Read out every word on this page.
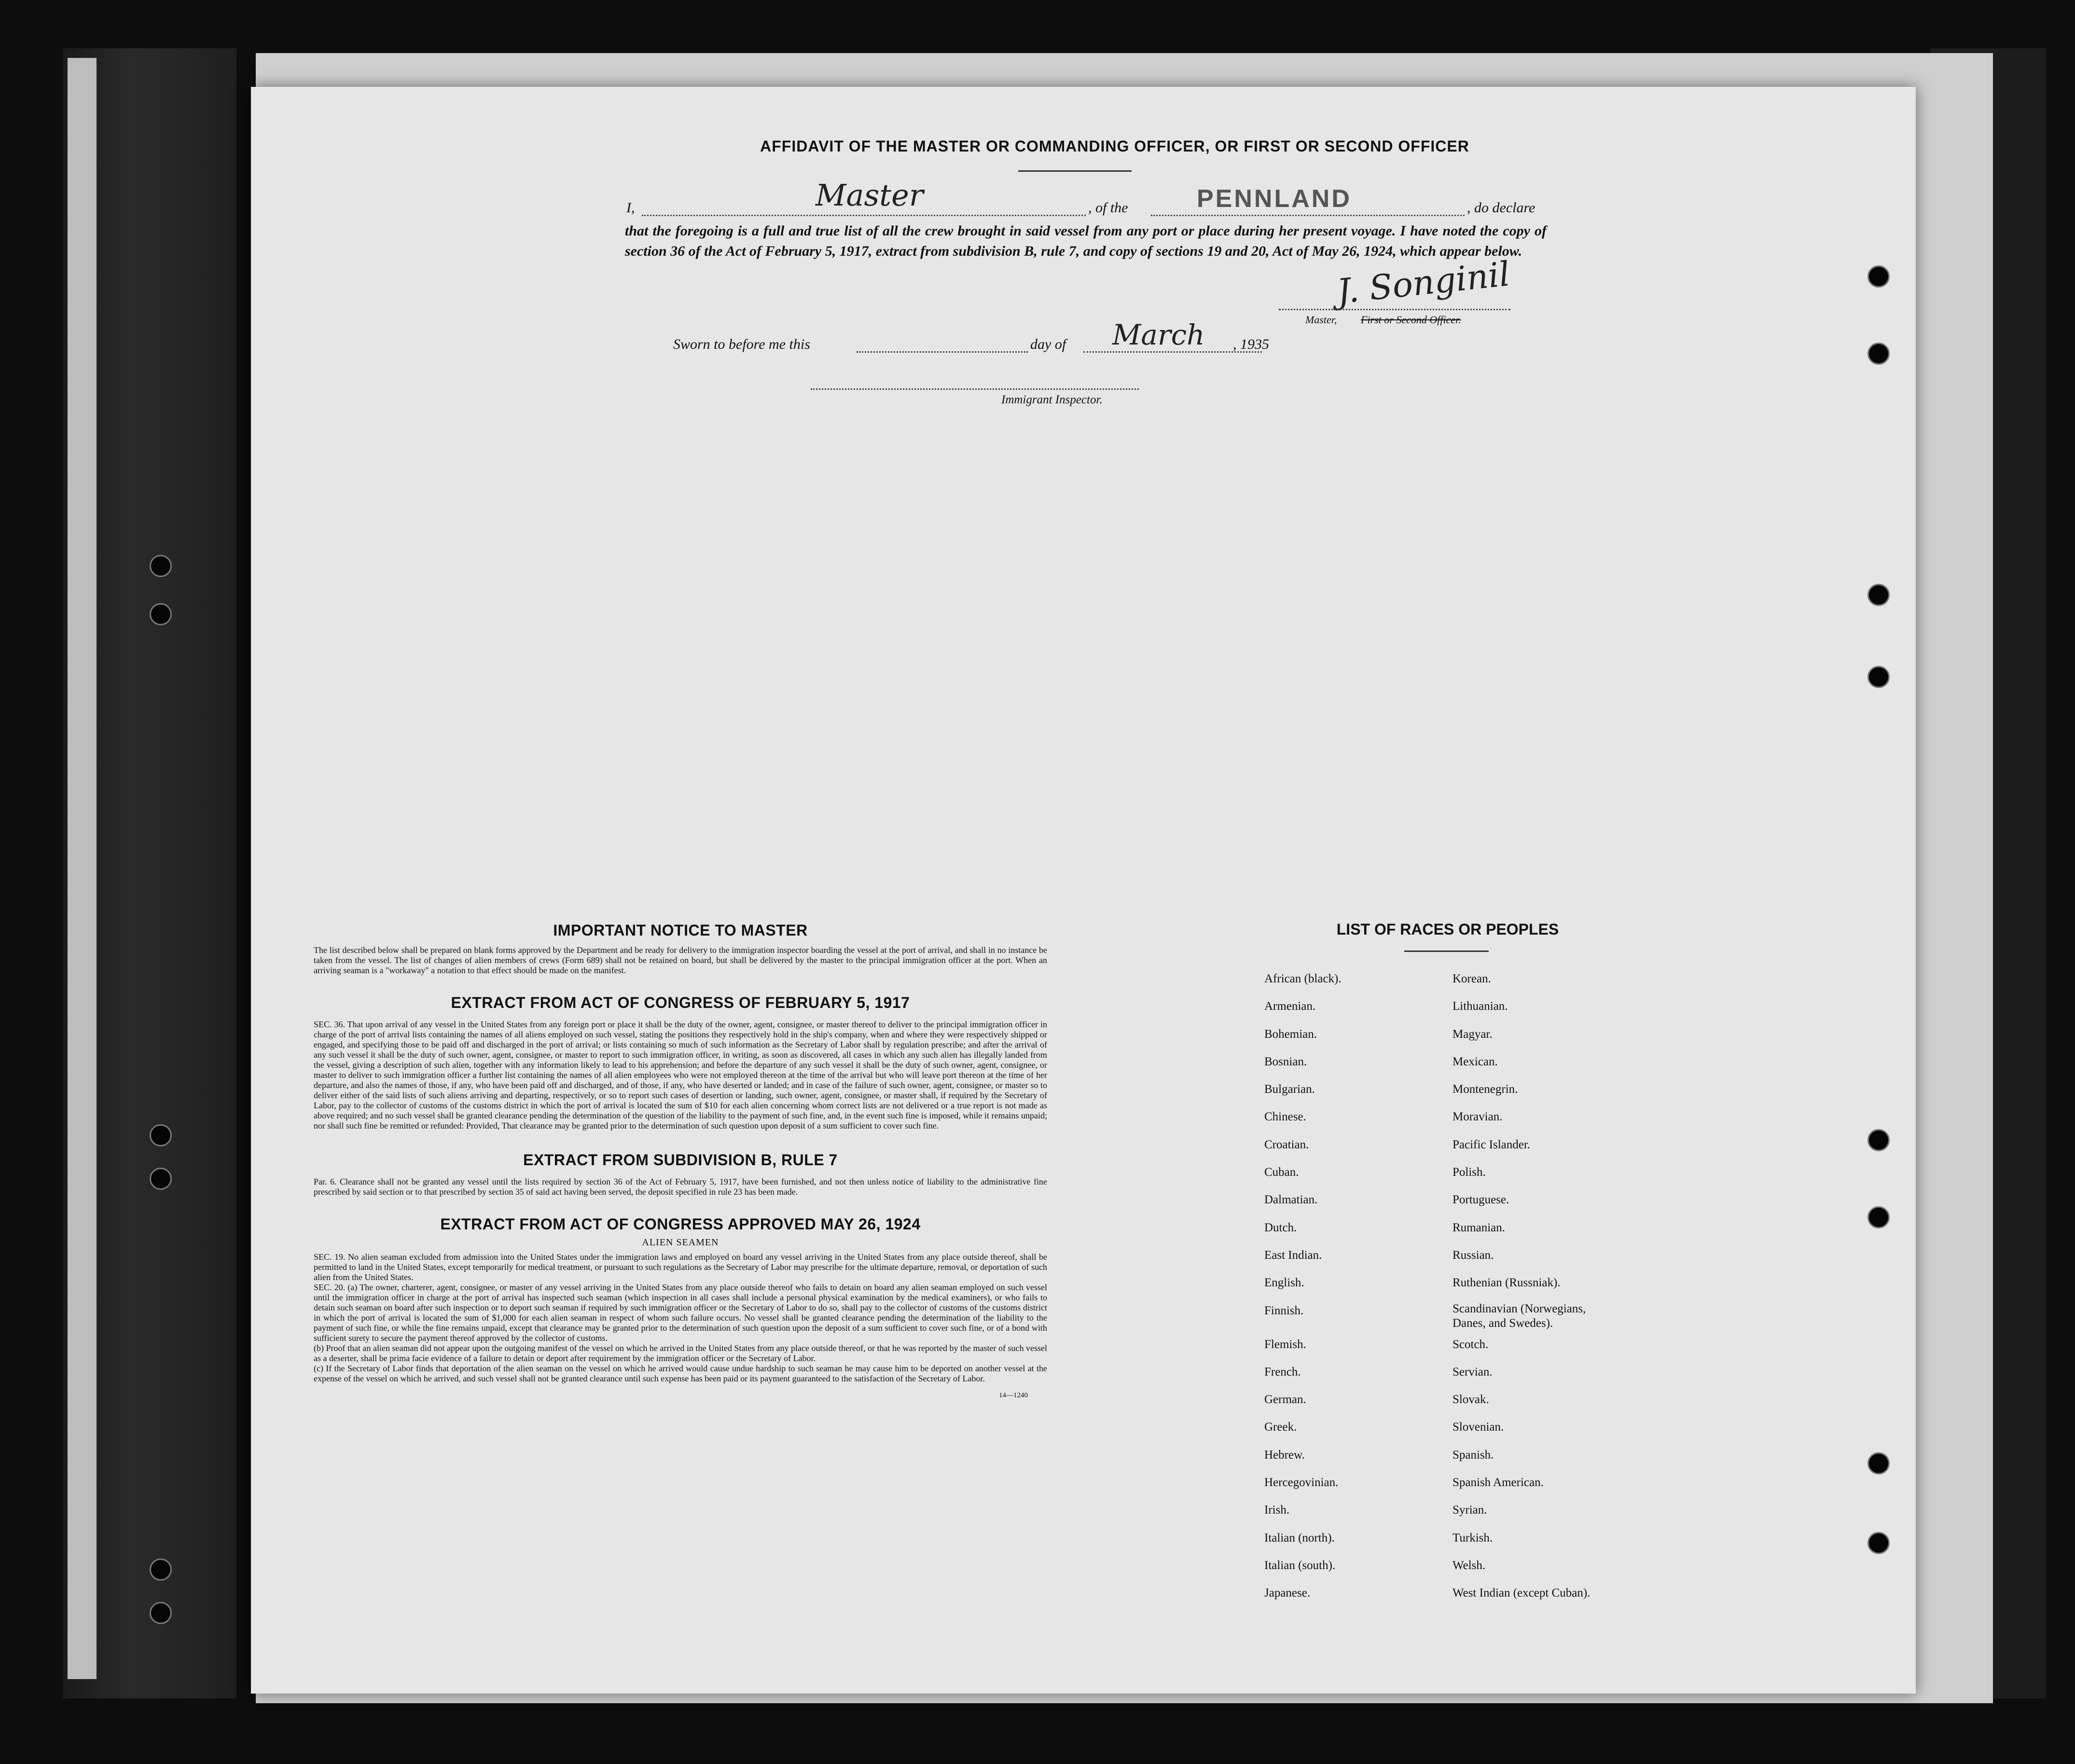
AFFIDAVIT OF THE MASTER OR COMMANDING OFFICER, OR FIRST OR SECOND OFFICER
I,	Master	, of the	PENNLAND	, do declare
that the foregoing is a full and true list of all the crew brought in said vessel from any port or place during her present voyage. I have noted the copy of section 36 of the Act of February 5, 1917, extract from subdivision B, rule 7, and copy of sections 19 and 20, Act of May 26, 1924, which appear below.
J. Songinil
Master, First or Second Officer.
Sworn to before me this	day of March , 1935
Immigrant Inspector.
IMPORTANT NOTICE TO MASTER

The list described below shall be prepared on blank forms approved by the Department and be ready for delivery to the immigration inspector boarding the vessel at the port of arrival, and shall in no instance be taken from the vessel. The list of changes of alien members of crews (Form 689) shall not be retained on board, but shall be delivered by the master to the principal immigration officer at the port. When an arriving seaman is a "workaway" a notation to that effect should be made on the manifest.

EXTRACT FROM ACT OF CONGRESS OF FEBRUARY 5, 1917

SEC. 36. That upon arrival of any vessel in the United States from any foreign port or place it shall be the duty of the owner, agent, consignee, or master thereof to deliver to the principal immigration officer in charge of the port of arrival lists containing the names of all aliens employed on such vessel, stating the positions they respectively hold in the ship's company, when and where they were respectively shipped or engaged, and specifying those to be paid off and discharged in the port of arrival; or lists containing so much of such information as the Secretary of Labor shall by regulation prescribe; and after the arrival of any such vessel it shall be the duty of such owner, agent, consignee, or master to report to such immigration officer, in writing, as soon as discovered, all cases in which any such alien has illegally landed from the vessel, giving a description of such alien, together with any information likely to lead to his apprehension; and before the departure of any such vessel it shall be the duty of such owner, agent, consignee, or master to deliver to such immigration officer a further list containing the names of all alien employees who were not employed thereon at the time of the arrival but who will leave port thereon at the time of her departure, and also the names of those, if any, who have been paid off and discharged, and of those, if any, who have deserted or landed; and in case of the failure of such owner, agent, consignee, or master so to deliver either of the said lists of such aliens arriving and departing, respectively, or so to report such cases of desertion or landing, such owner, agent, consignee, or master shall, if required by the Secretary of Labor, pay to the collector of customs of the customs district in which the port of arrival is located the sum of $10 for each alien concerning whom correct lists are not delivered or a true report is not made as above required; and no such vessel shall be granted clearance pending the determination of the question of the liability to the payment of such fine, and, in the event such fine is imposed, while it remains unpaid; nor shall such fine be remitted or refunded: Provided, That clearance may be granted prior to the determination of such question upon deposit of a sum sufficient to cover such fine.

EXTRACT FROM SUBDIVISION B, RULE 7

Par. 6. Clearance shall not be granted any vessel until the lists required by section 36 of the Act of February 5, 1917, have been furnished, and not then unless notice of liability to the administrative fine prescribed by said section or to that prescribed by section 35 of said act having been served, the deposit specified in rule 23 has been made.

EXTRACT FROM ACT OF CONGRESS APPROVED MAY 26, 1924
ALIEN SEAMEN

SEC. 19. No alien seaman excluded from admission into the United States under the immigration laws and employed on board any vessel arriving in the United States from any place outside thereof, shall be permitted to land in the United States, except temporarily for medical treatment, or pursuant to such regulations as the Secretary of Labor may prescribe for the ultimate departure, removal, or deportation of such alien from the United States.

SEC. 20. (a) The owner, charterer, agent, consignee, or master of any vessel arriving in the United States from any place outside thereof who fails to detain on board any alien seaman employed on such vessel until the immigration officer in charge at the port of arrival has inspected such seaman (which inspection in all cases shall include a personal physical examination by the medical examiners), or who fails to detain such seaman on board after such inspection or to deport such seaman if required by such immigration officer or the Secretary of Labor to do so, shall pay to the collector of customs of the customs district in which the port of arrival is located the sum of $1,000 for each alien seaman in respect of whom such failure occurs. No vessel shall be granted clearance pending the determination of the liability to the payment of such fine, or while the fine remains unpaid, except that clearance may be granted prior to the determination of such question upon the deposit of a sum sufficient to cover such fine, or of a bond with sufficient surety to secure the payment thereof approved by the collector of customs.

(b) Proof that an alien seaman did not appear upon the outgoing manifest of the vessel on which he arrived in the United States from any place outside thereof, or that he was reported by the master of such vessel as a deserter, shall be prima facie evidence of a failure to detain or deport after requirement by the immigration officer or the Secretary of Labor.

(c) If the Secretary of Labor finds that deportation of the alien seaman on the vessel on which he arrived would cause undue hardship to such seaman he may cause him to be deported on another vessel at the expense of the vessel on which he arrived, and such vessel shall not be granted clearance until such expense has been paid or its payment guaranteed to the satisfaction of the Secretary of Labor.

14—1240
LIST OF RACES OR PEOPLES
African (black).	Korean.
Armenian.	Lithuanian.
Bohemian.	Magyar.
Bosnian.	Mexican.
Bulgarian.	Montenegrin.
Chinese.	Moravian.
Croatian.	Pacific Islander.
Cuban.	Polish.
Dalmatian.	Portuguese.
Dutch.	Rumanian.
East Indian.	Russian.
English.	Ruthenian (Russniak).
Finnish.	Scandinavian (Norwegians,
Danes, and Swedes).
Flemish.	Scotch.
French.	Servian.
German.	Slovak.
Greek.	Slovenian.
Hebrew.	Spanish.
Hercegovinian.	Spanish American.
Irish.	Syrian.
Italian (north).	Turkish.
Italian (south).	Welsh.
Japanese.	West Indian (except Cuban).
